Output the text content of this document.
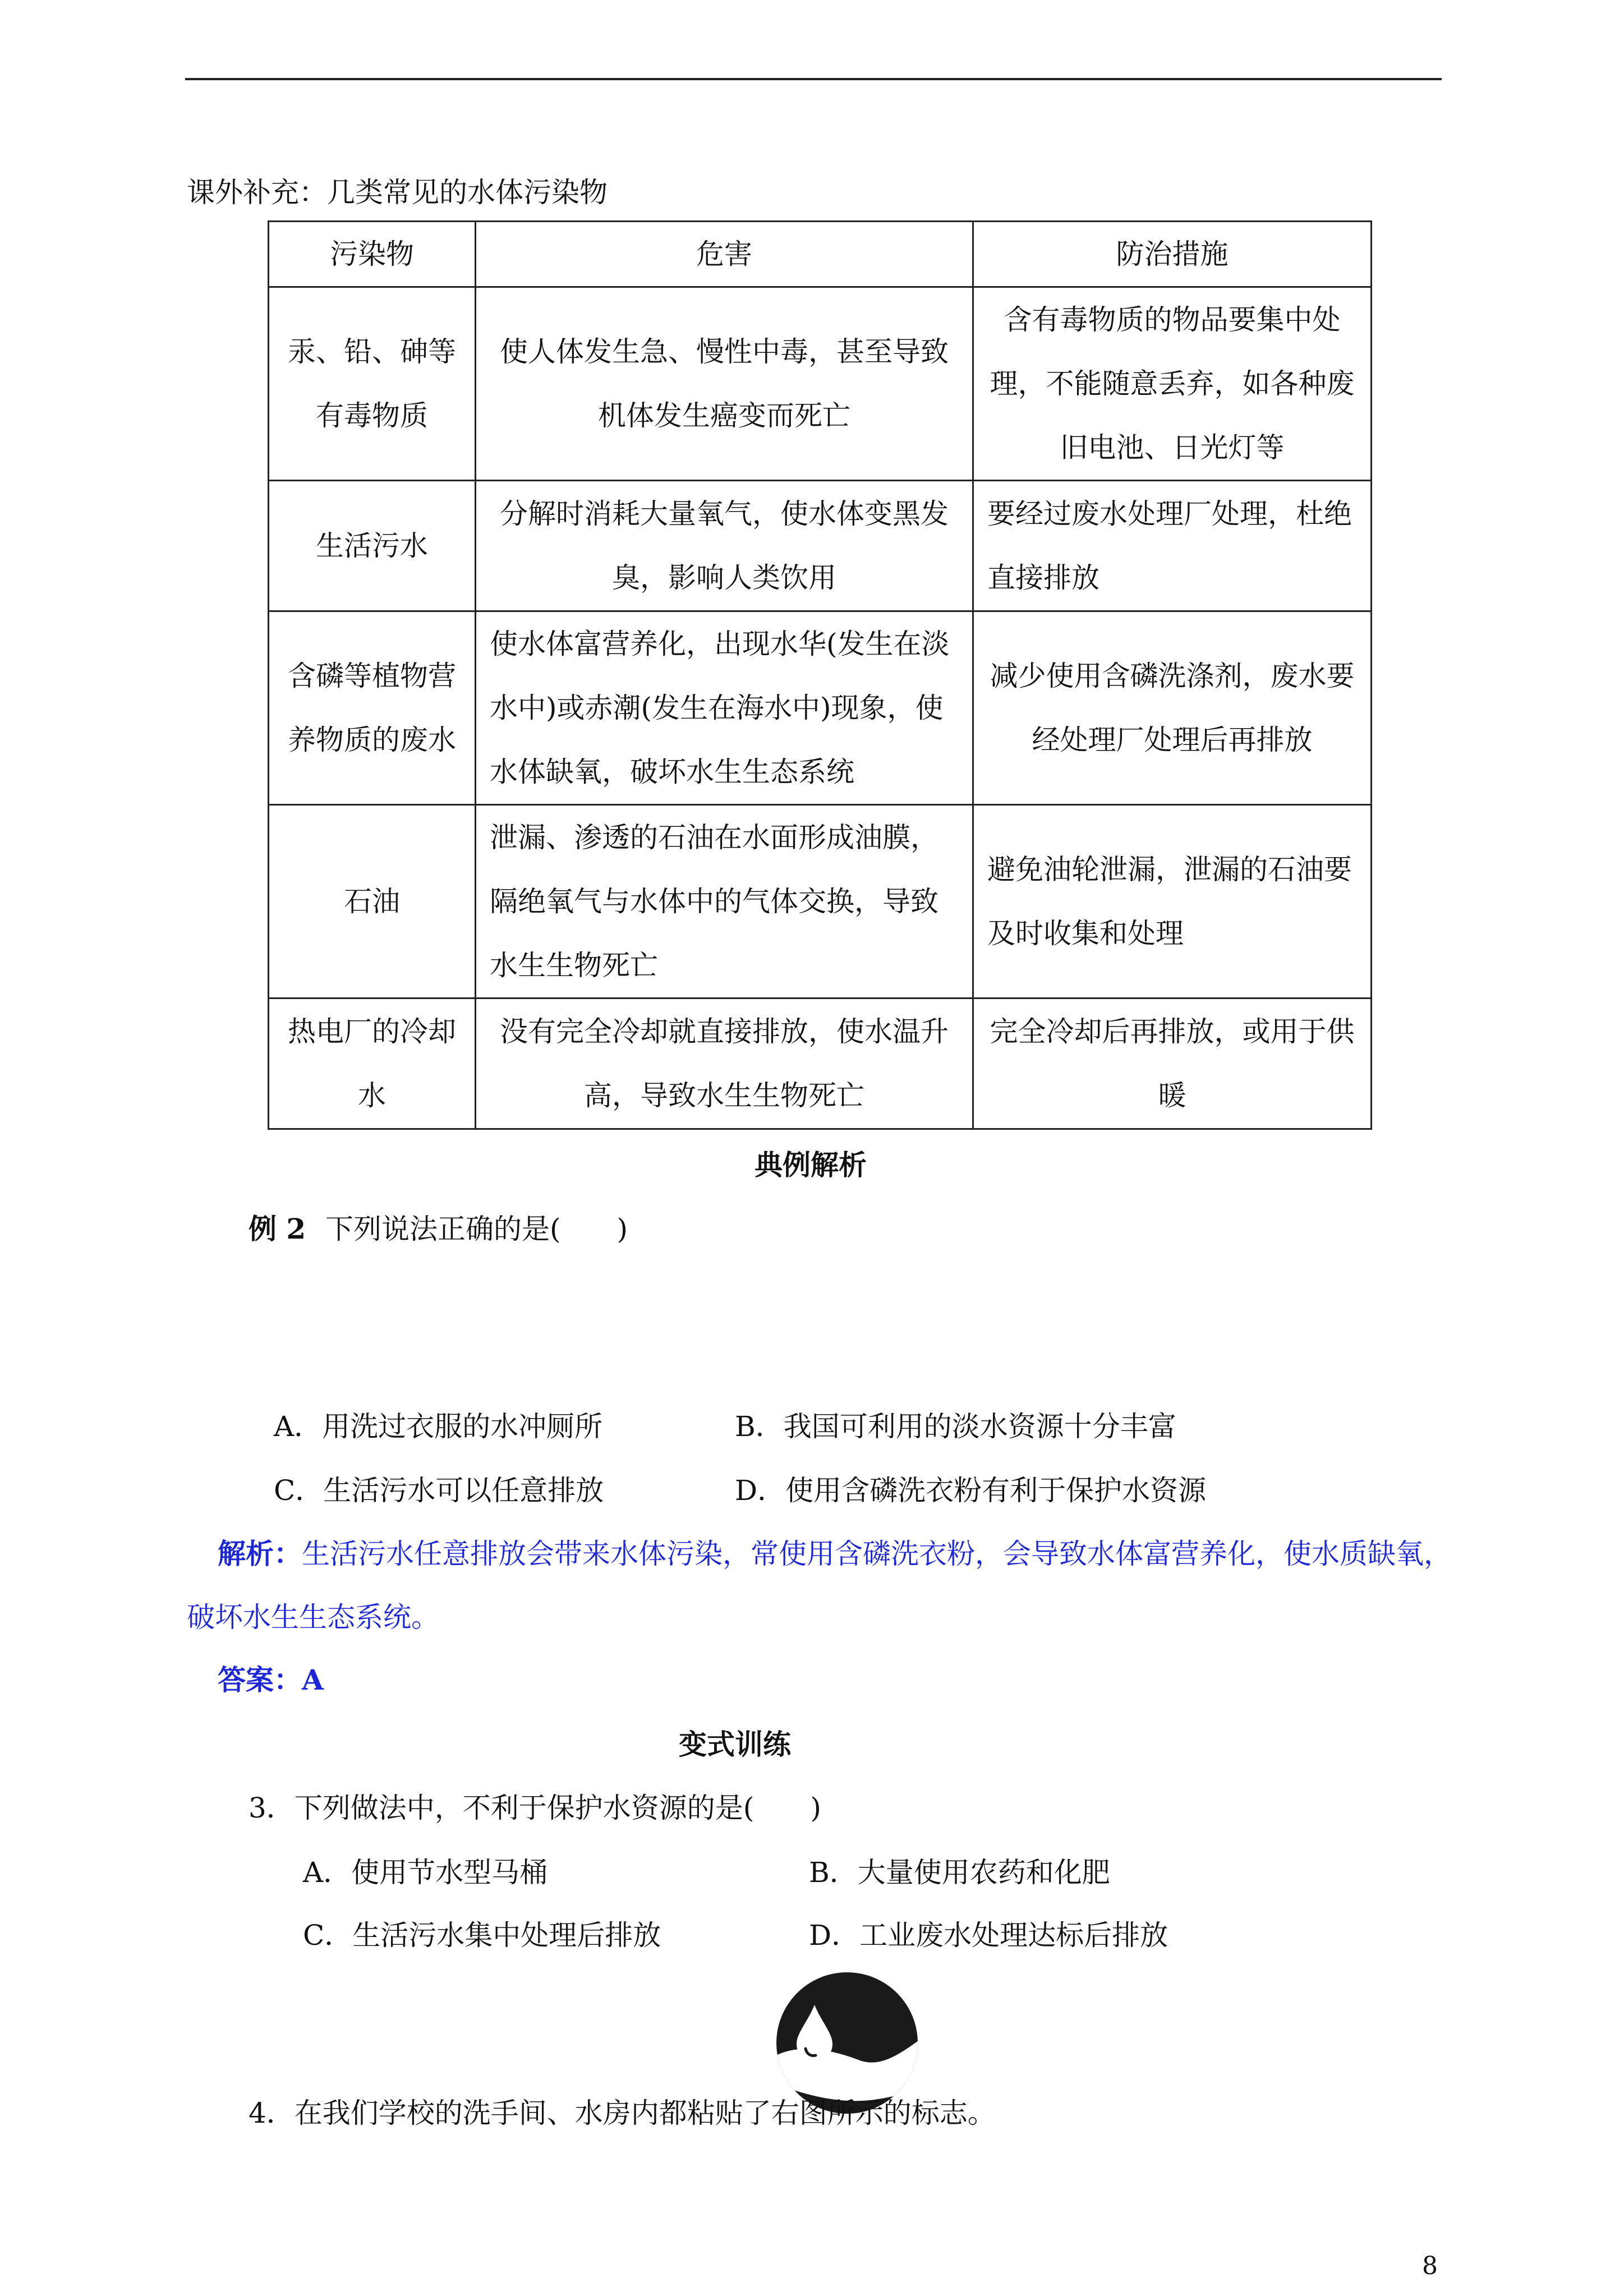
课外补充：几类常见的水体污染物
污染物	危害	防治措施
汞、铅、砷等有毒物质	使人体发生急、慢性中毒，甚至导致机体发生癌变而死亡	含有毒物质的物品要集中处理，不能随意丢弃，如各种废旧电池、日光灯等
生活污水	分解时消耗大量氧气，使水体变黑发臭，影响人类饮用	要经过废水处理厂处理，杜绝直接排放
含磷等植物营养物质的废水	使水体富营养化，出现水华(发生在淡水中)或赤潮(发生在海水中)现象，使水体缺氧，破坏水生生态系统	减少使用含磷洗涤剂，废水要经处理厂处理后再排放
石油	泄漏、渗透的石油在水面形成油膜，隔绝氧气与水体中的气体交换，导致水生生物死亡	避免油轮泄漏，泄漏的石油要及时收集和处理
热电厂的冷却水	没有完全冷却就直接排放，使水温升高，导致水生生物死亡	完全冷却后再排放，或用于供暖
典例解析
例 2 下列说法正确的是(　　)
A．用洗过衣服的水冲厕所	B．我国可利用的淡水资源十分丰富
C．生活污水可以任意排放	D．使用含磷洗衣粉有利于保护水资源
解析：生活污水任意排放会带来水体污染，常使用含磷洗衣粉，会导致水体富营养化，使水质缺氧，
破坏水生生态系统。
答案：A
变式训练
3．下列做法中，不利于保护水资源的是(　　)
A．使用节水型马桶	B．大量使用农药和化肥
C．生活污水集中处理后排放	D．工业废水处理达标后排放
4．在我们学校的洗手间、水房内都粘贴了右图所示的标志。
8
